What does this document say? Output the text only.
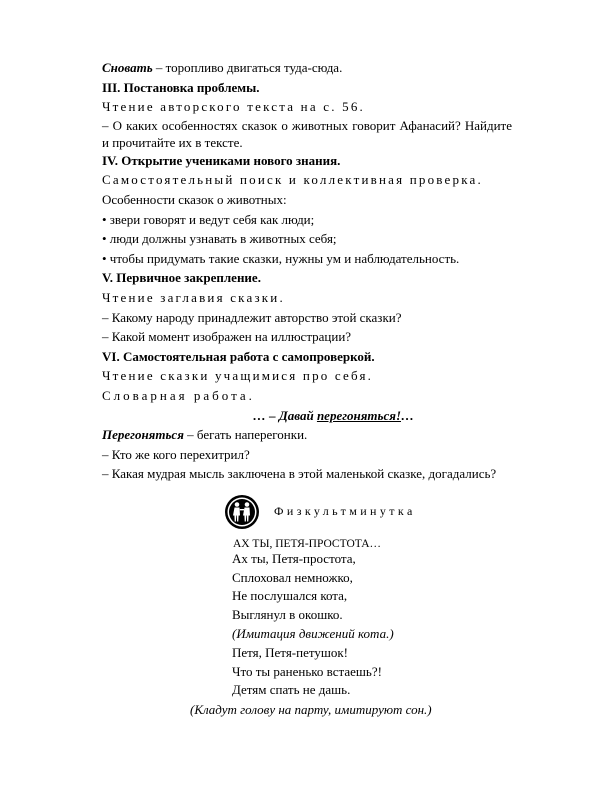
Сновать – торопливо двигаться туда-сюда.
III. Постановка проблемы.
Чтение авторского текста на с. 56.
– О каких особенностях сказок о животных говорит Афанасий? Найдите и прочитайте их в тексте.
IV. Открытие учениками нового знания.
Самостоятельный поиск и коллективная проверка.
Особенности сказок о животных:
• звери говорят и ведут себя как люди;
• люди должны узнавать в животных себя;
• чтобы придумать такие сказки, нужны ум и наблюдательность.
V. Первичное закрепление.
Чтение заглавия сказки.
– Какому народу принадлежит авторство этой сказки?
– Какой момент изображен на иллюстрации?
VI. Самостоятельная работа с самопроверкой.
Чтение сказки учащимися про себя.
Словарная работа.
… – Давай перегоняться!…
Перегоняться – бегать наперегонки.
– Кто же кого перехитрил?
– Какая мудрая мысль заключена в этой маленькой сказке, догадались?
Физкультминутка
АХ ТЫ, ПЕТЯ-ПРОСТОТА…
Ах ты, Петя-простота,
Сплоховал немножко,
Не послушался кота,
Выглянул в окошко.
(Имитация движений кота.)
Петя, Петя-петушок!
Что ты раненько встаешь?!
Детям спать не дашь.
(Кладут голову на парту, имитируют сон.)
